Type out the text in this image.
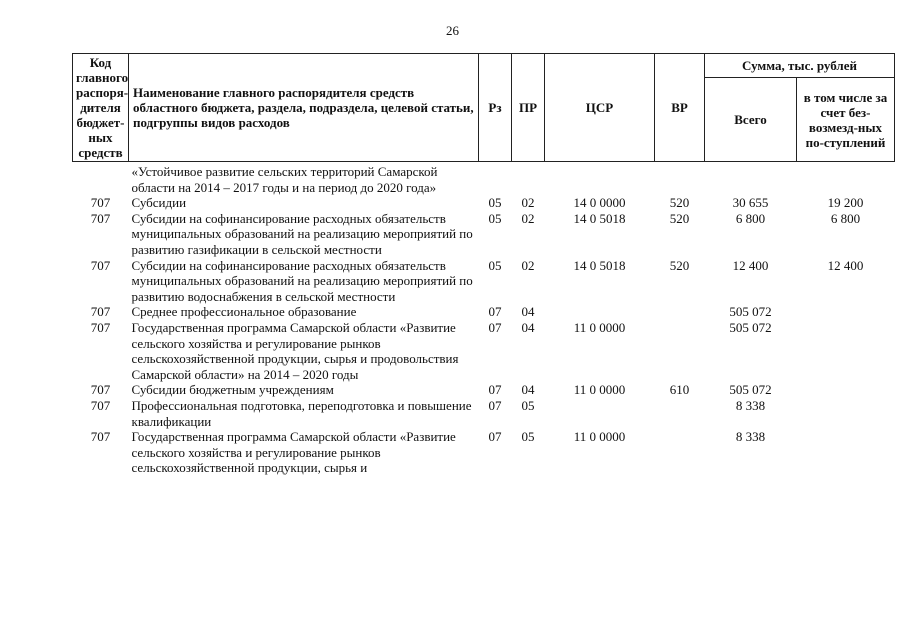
26
Код главного распоря-дителя бюджет-ных средств	Наименование главного распорядителя средств областного бюджета, раздела, подраздела, целевой статьи, подгруппы видов расходов	Рз	ПР	ЦСР	ВР	Сумма, тыс. рублей	
						Всего	в том числе за счет без-возмезд-ных по-ступлений
	«Устойчивое развитие сельских территорий Самарской области на 2014 – 2017 годы и на период до 2020 года»						
707	Субсидии	05	02	14 0 0000	520	30 655	19 200
707	Субсидии на софинансирование расходных обязательств муниципальных образований на реализацию мероприятий по развитию газификации в сельской местности	05	02	14 0 5018	520	6 800	6 800
707	Субсидии на софинансирование расходных обязательств муниципальных образований на реализацию мероприятий по развитию водоснабжения в сельской местности	05	02	14 0 5018	520	12 400	12 400
707	Среднее профессиональное образование	07	04			505 072	
707	Государственная программа Самарской области «Развитие сельского хозяйства и регулирование рынков сельскохозяйственной продукции, сырья и продовольствия Самарской области» на 2014 – 2020 годы	07	04	11 0 0000		505 072	
707	Субсидии бюджетным учреждениям	07	04	11 0 0000	610	505 072	
707	Профессиональная подготовка, переподготовка и повышение квалификации	07	05			8 338	
707	Государственная программа Самарской области «Развитие сельского хозяйства и регулирование рынков сельскохозяйственной продукции, сырья и	07	05	11 0 0000		8 338	
